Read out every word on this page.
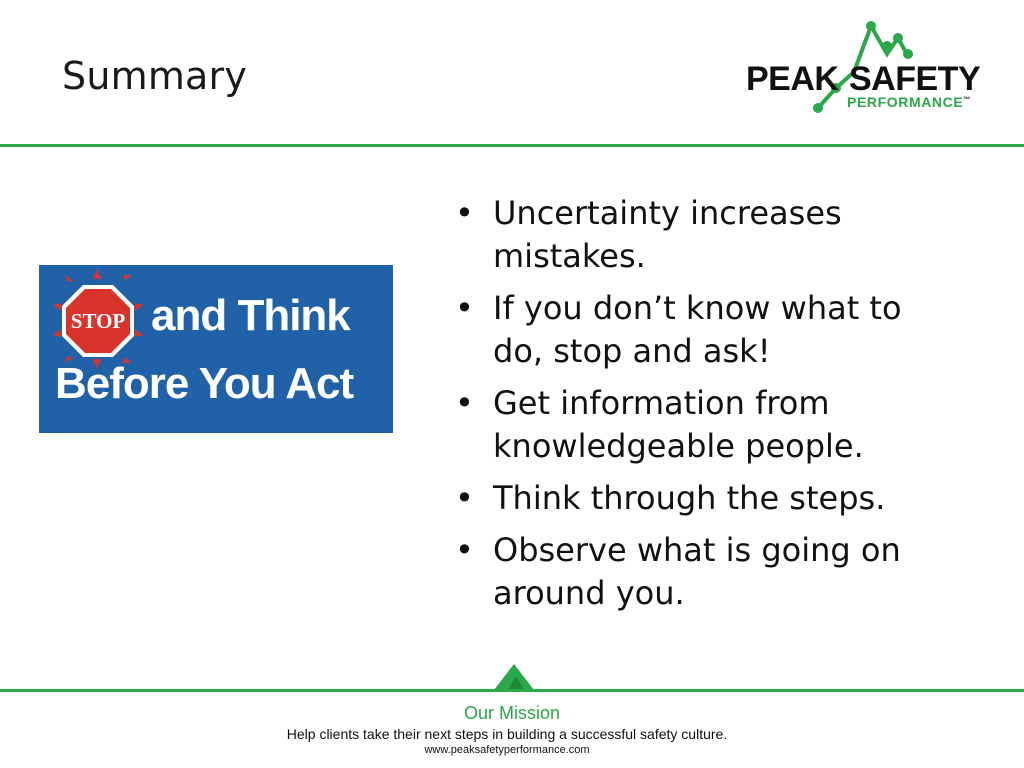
Summary	PEAK SAFETY
PERFORMANCE™
STOP and Think
Before You Act
• Uncertainty increases mistakes.
• If you don’t know what to do, stop and ask!
• Get information from knowledgeable people.
• Think through the steps.
• Observe what is going on around you.
Our Mission
Help clients take their next steps in building a successful safety culture.
www.peaksafetyperformance.com
